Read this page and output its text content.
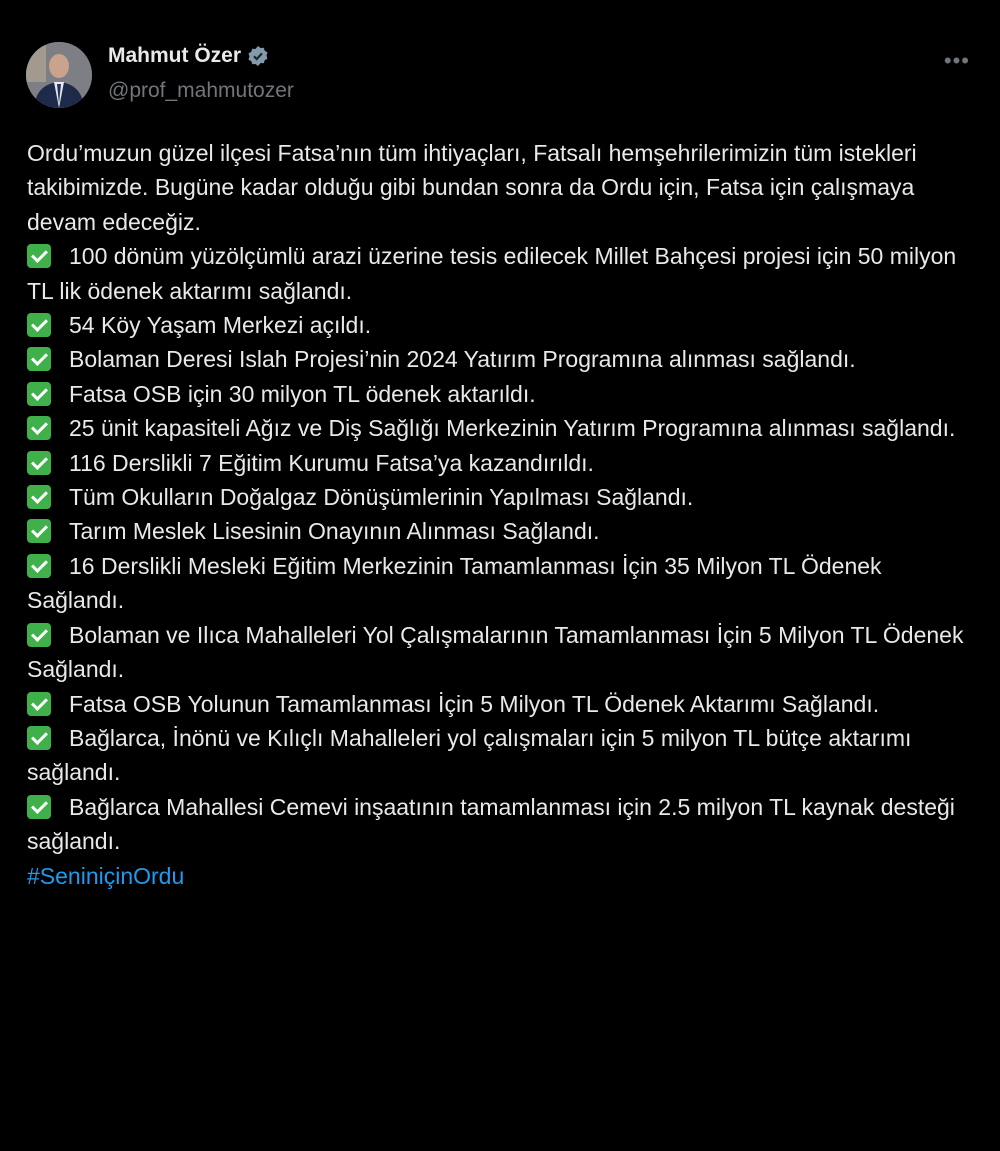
Mahmut Özer
@prof_mahmutozer
•••

Ordu’muzun güzel ilçesi Fatsa’nın tüm ihtiyaçları, Fatsalı hemşehrilerimizin tüm istekleri takibimizde. Bugüne kadar olduğu gibi bundan sonra da Ordu için, Fatsa için çalışmaya devam edeceğiz.

100 dönüm yüzölçümlü arazi üzerine tesis edilecek Millet Bahçesi projesi için 50 milyon TL lik ödenek aktarımı sağlandı.

54 Köy Yaşam Merkezi açıldı.

Bolaman Deresi Islah Projesi’nin 2024 Yatırım Programına alınması sağlandı.

Fatsa OSB için 30 milyon TL ödenek aktarıldı.

25 ünit kapasiteli Ağız ve Diş Sağlığı Merkezinin Yatırım Programına alınması sağlandı.

116 Derslikli 7 Eğitim Kurumu Fatsa’ya kazandırıldı.

Tüm Okulların Doğalgaz Dönüşümlerinin Yapılması Sağlandı.

Tarım Meslek Lisesinin Onayının Alınması Sağlandı.

16 Derslikli Mesleki Eğitim Merkezinin Tamamlanması İçin 35 Milyon TL Ödenek Sağlandı.

Bolaman ve Ilıca Mahalleleri Yol Çalışmalarının Tamamlanması İçin 5 Milyon TL Ödenek Sağlandı.

Fatsa OSB Yolunun Tamamlanması İçin 5 Milyon TL Ödenek Aktarımı Sağlandı.

Bağlarca, İnönü ve Kılıçlı Mahalleleri yol çalışmaları için 5 milyon TL bütçe aktarımı sağlandı.

Bağlarca Mahallesi Cemevi inşaatının tamamlanması için 2.5 milyon TL kaynak desteği sağlandı.

#SeniniçinOrdu
